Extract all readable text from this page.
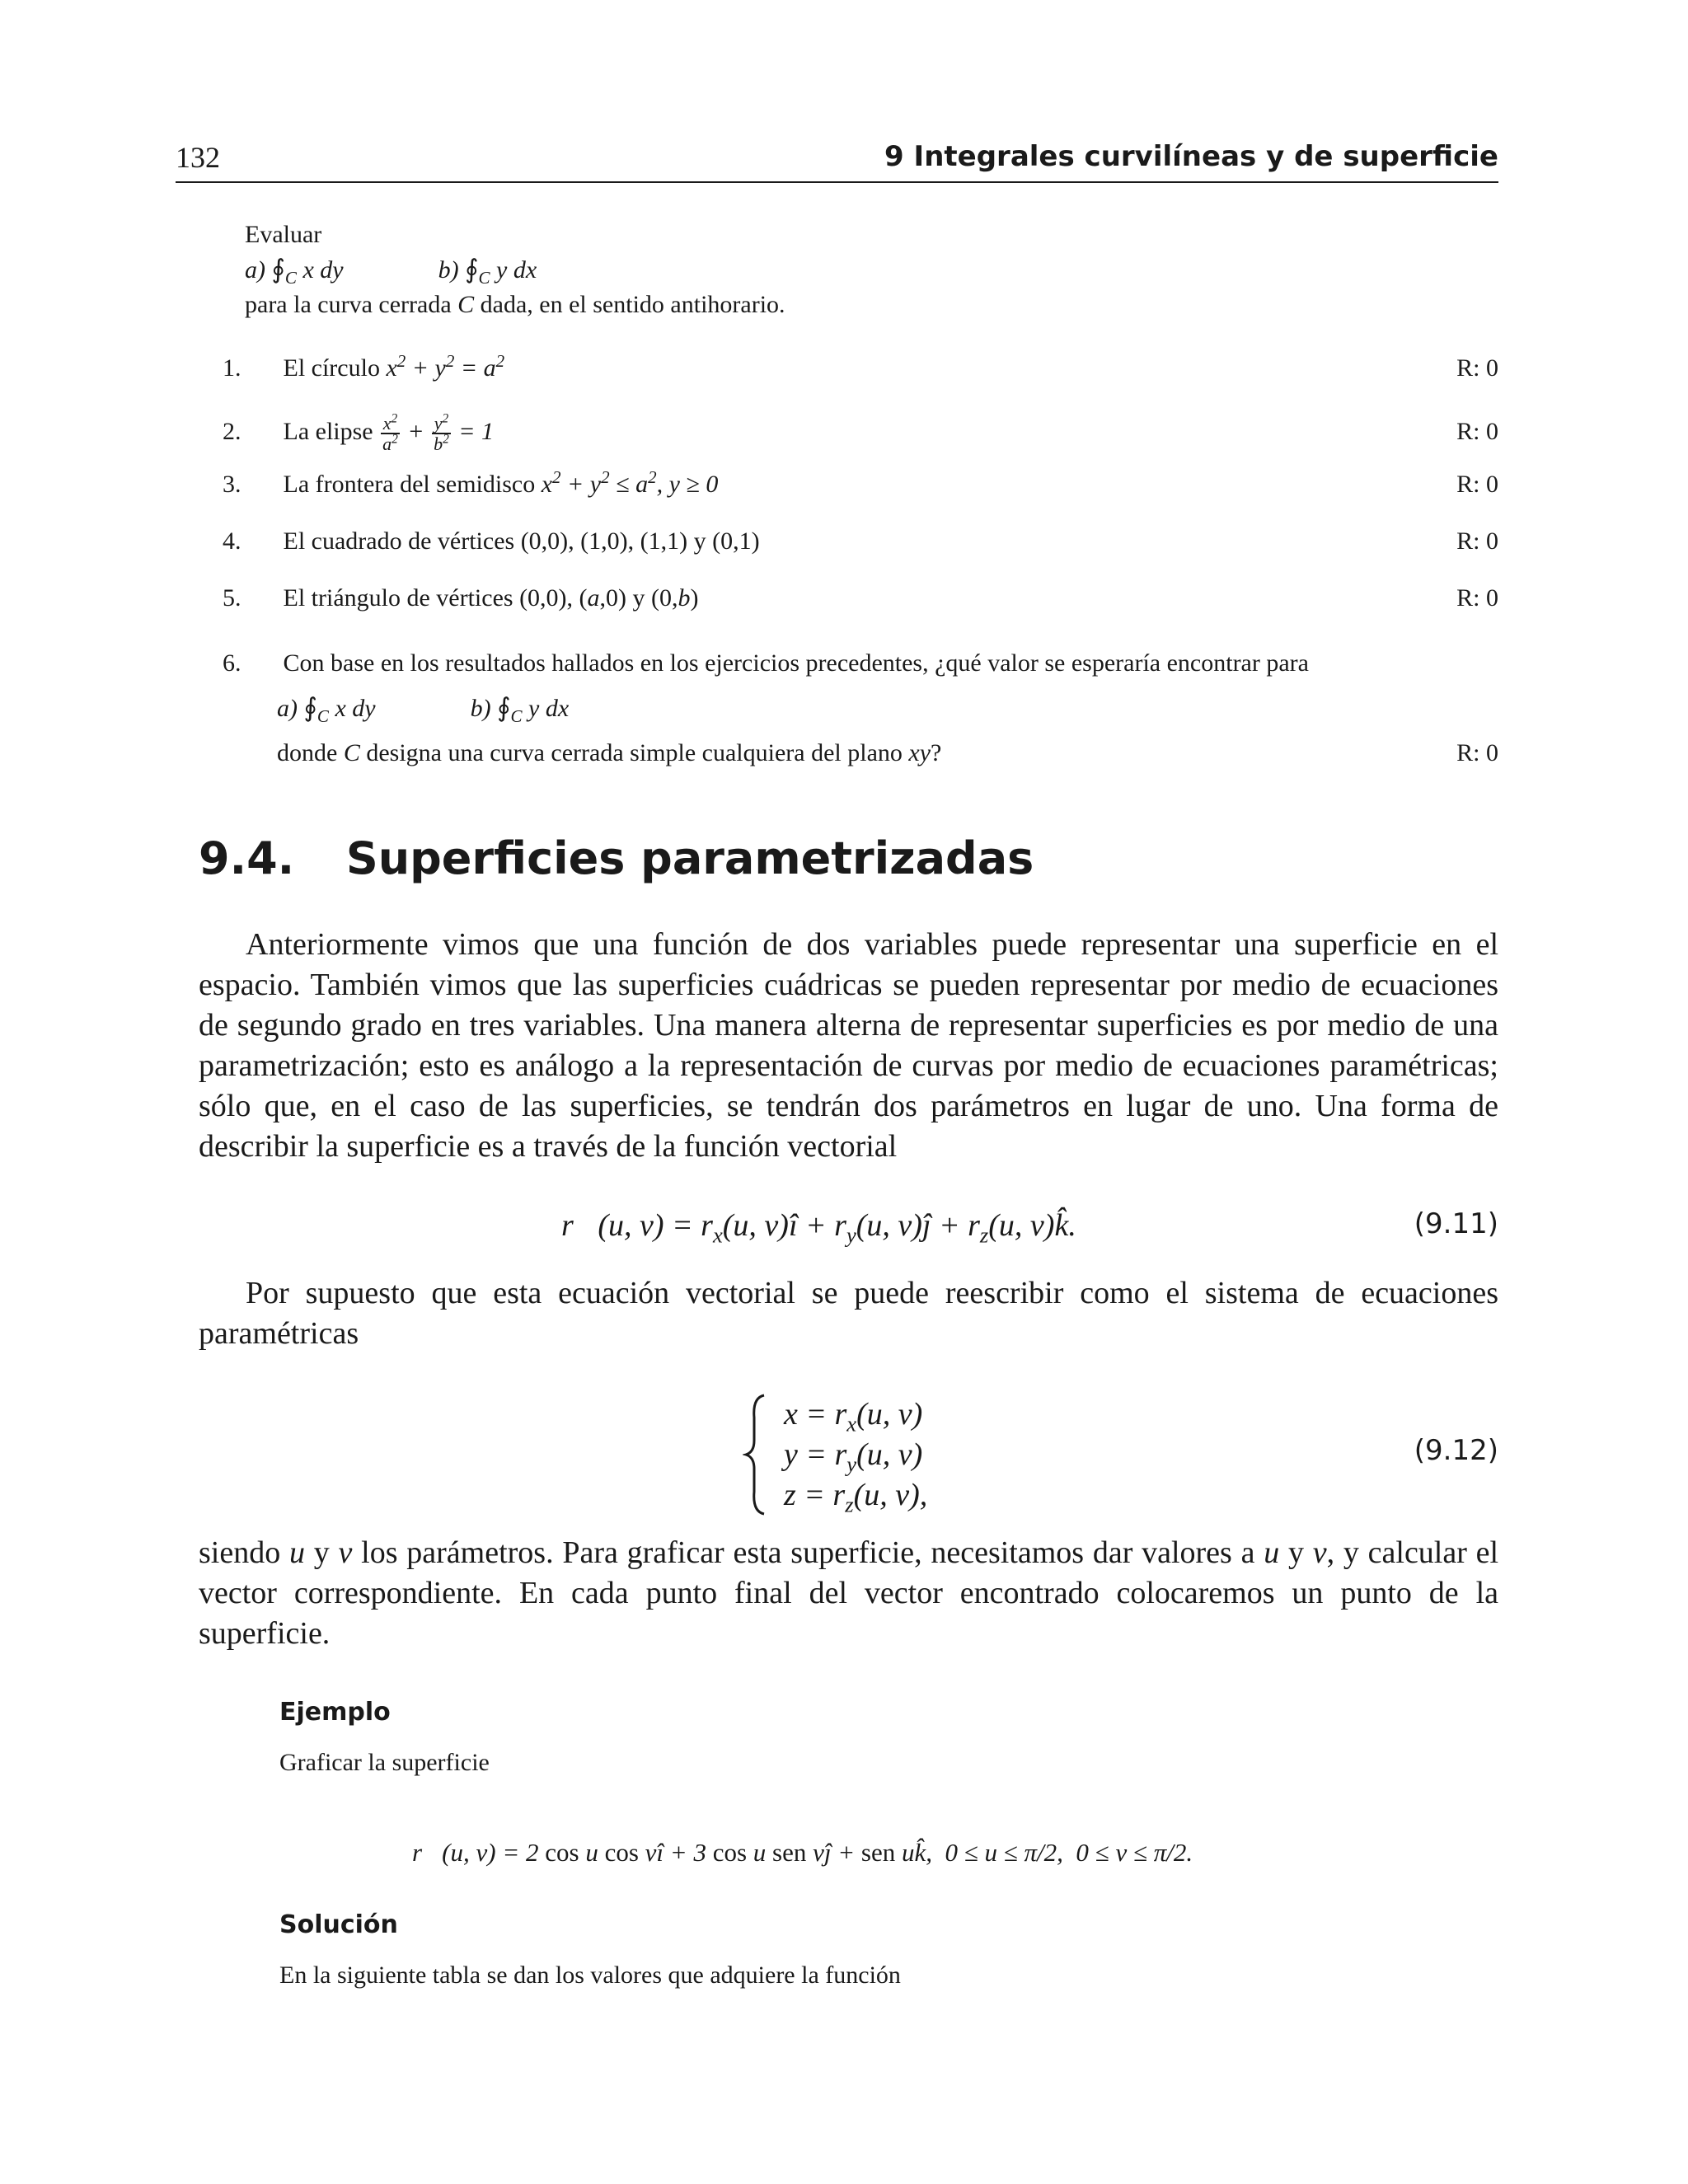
132	9 Integrales curvilíneas y de superficie
Evaluar
a) $∮_C$ x dy	b) $∮_C$ y dx
para la curva cerrada C dada, en el sentido antihorario.
1. El círculo $x^2 + y^2 = a^2$	R: 0
2. La elipse $\frac{x^2}{a^2} + \frac{y^2}{b^2} = 1$	R: 0
3. La frontera del semidisco $x^2 + y^2 \le a^2$, y ≥ 0	R: 0
4. El cuadrado de vértices (0,0), (1,0), (1,1) y (0,1)	R: 0
5. El triángulo de vértices (0,0), (a,0) y (0,b)	R: 0
6. Con base en los resultados hallados en los ejercicios precedentes, ¿qué valor se esperaría encontrar para
a) $∮_C$ x dy	b) $∮_C$ y dx
donde C designa una curva cerrada simple cualquiera del plano xy?	R: 0
9.4. Superficies parametrizadas
Anteriormente vimos que una función de dos variables puede representar una superficie en el espacio. También vimos que las superficies cuádricas se pueden representar por medio de ecuaciones de segundo grado en tres variables. Una manera alterna de representar superficies es por medio de una parametrización; esto es análogo a la representación de curvas por medio de ecuaciones paramétricas; sólo que, en el caso de las superficies, se tendrán dos parámetros en lugar de uno. Una forma de describir la superficie es a través de la función vectorial
r⃗(u, $v) = r_x(u$, v)î + $r_y(u$, v)ĵ + $r_z(u$, v)k̂.	(9.11)
Por supuesto que esta ecuación vectorial se puede reescribir como el sistema de ecuaciones paramétricas
$x = r_x(u$, v)
$y = r_y(u$, v)
$z = r_z(u$, v),
(9.12)
siendo u y v los parámetros. Para graficar esta superficie, necesitamos dar valores a u y v, y calcular el vector correspondiente. En cada punto final del vector encontrado colocaremos un punto de la superficie.
Ejemplo
Graficar la superficie
r⃗(u, v) = 2 cos u cos vî + 3 cos u sen vĵ + sen uk̂,  0 ≤ u ≤ π/2,  0 ≤ v ≤ π/2.
Solución
En la siguiente tabla se dan los valores que adquiere la función
